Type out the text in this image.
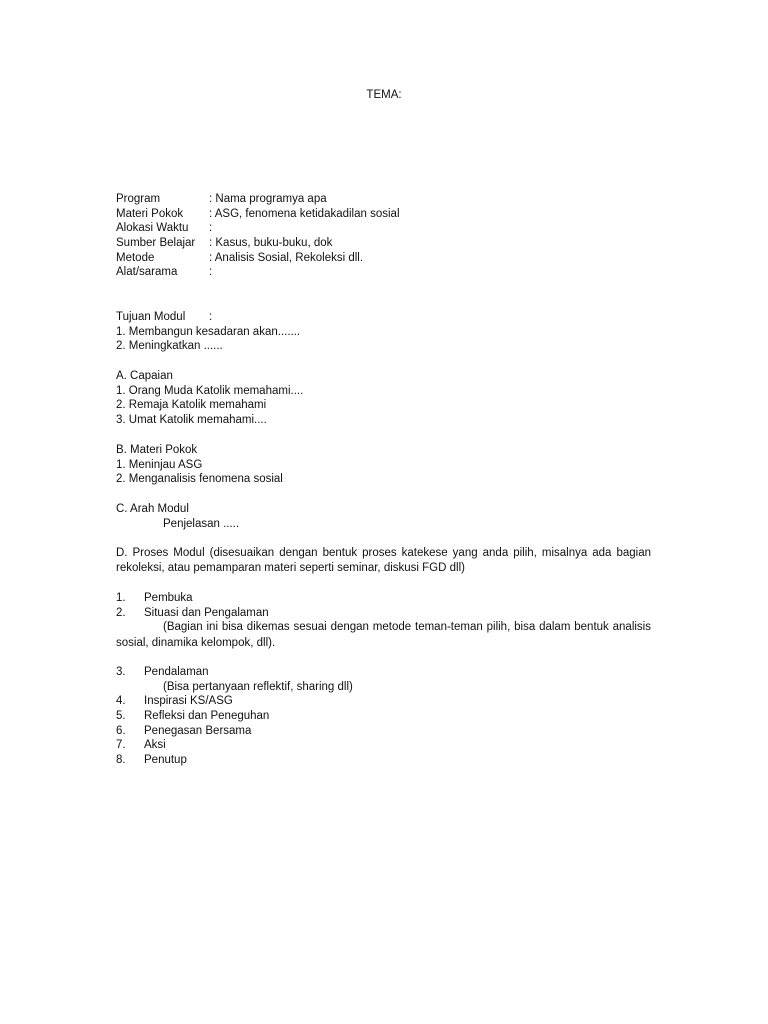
TEMA:
Program	: Nama programya apa
Materi Pokok	: ASG, fenomena ketidakadilan sosial
Alokasi Waktu	:
Sumber Belajar	: Kasus, buku-buku, dok
Metode	: Analisis Sosial, Rekoleksi dll.
Alat/sarama	:
Tujuan Modul :
1. Membangun kesadaran akan.......
2. Meningkatkan ......
A. Capaian
1. Orang Muda Katolik memahami....
2. Remaja Katolik memahami
3. Umat Katolik memahami....
B. Materi Pokok
1. Meninjau ASG
2. Menganalisis fenomena sosial
C. Arah Modul
Penjelasan .....
D. Proses Modul (disesuaikan dengan bentuk proses katekese yang anda pilih, misalnya ada bagian rekoleksi, atau pemamparan materi seperti seminar, diskusi FGD dll)
1.	Pembuka
2.	Situasi dan Pengalaman
(Bagian ini bisa dikemas sesuai dengan metode teman-teman pilih, bisa dalam bentuk analisis sosial, dinamika kelompok, dll).
3.	Pendalaman
(Bisa pertanyaan reflektif, sharing dll)
4.	Inspirasi KS/ASG
5.	Refleksi dan Peneguhan
6.	Penegasan Bersama
7.	Aksi
8.	Penutup
